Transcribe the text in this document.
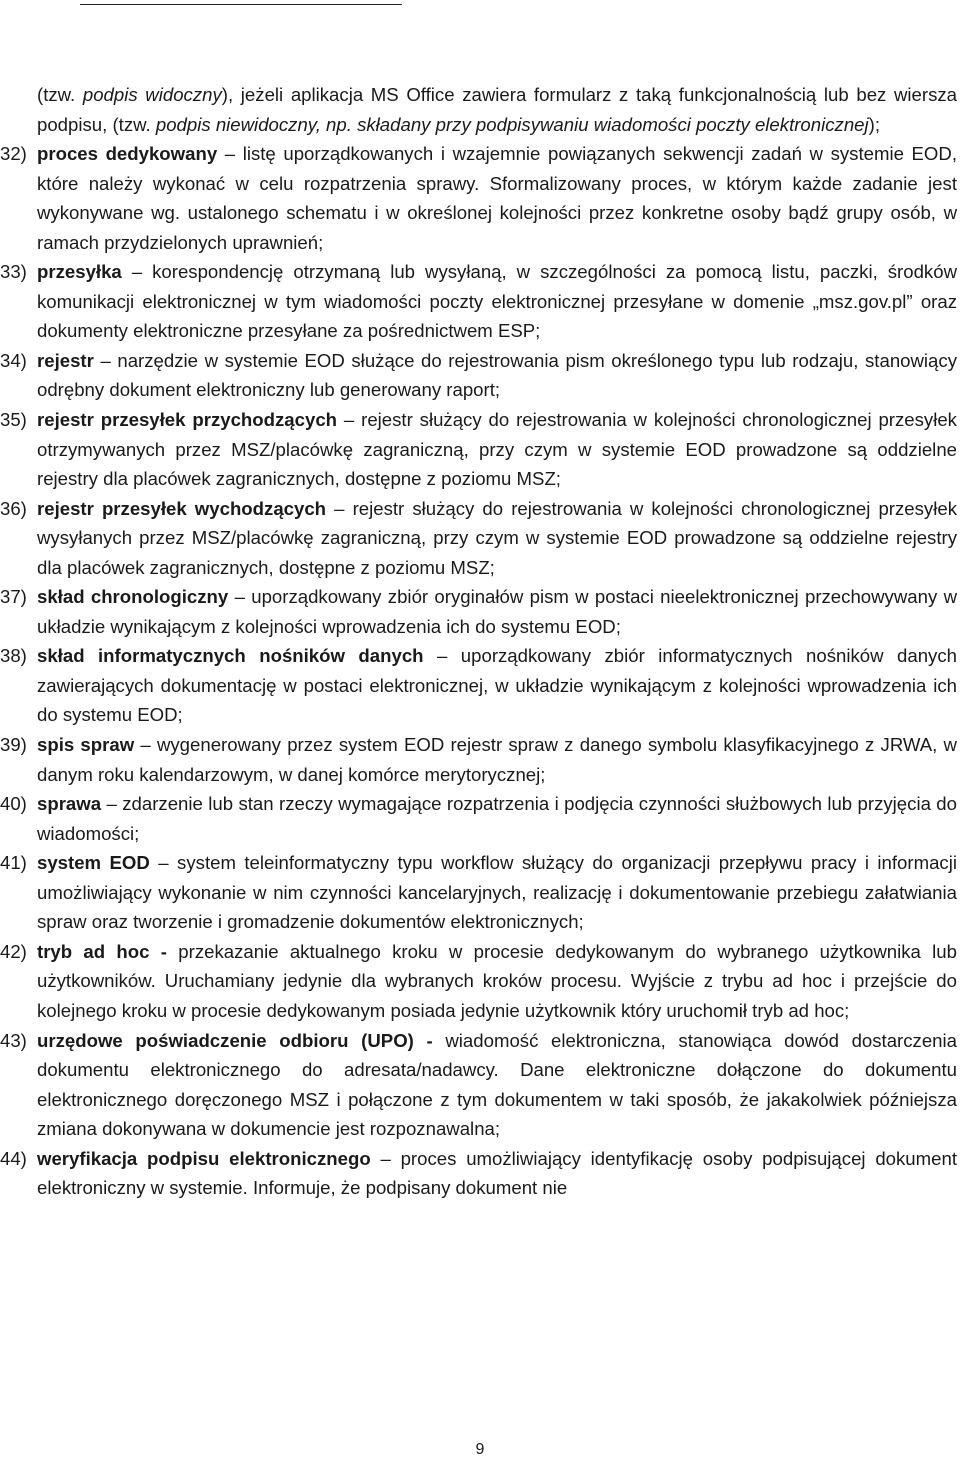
(tzw. podpis widoczny), jeżeli aplikacja MS Office zawiera formularz z taką funkcjonalnością lub bez wiersza podpisu, (tzw. podpis niewidoczny, np. składany przy podpisywaniu wiadomości poczty elektronicznej);

32) proces dedykowany – listę uporządkowanych i wzajemnie powiązanych sekwencji zadań w systemie EOD, które należy wykonać w celu rozpatrzenia sprawy. Sformalizowany proces, w którym każde zadanie jest wykonywane wg. ustalonego schematu i w określonej kolejności przez konkretne osoby bądź grupy osób, w ramach przydzielonych uprawnień;
33) przesyłka – korespondencję otrzymaną lub wysyłaną, w szczególności za pomocą listu, paczki, środków komunikacji elektronicznej w tym wiadomości poczty elektronicznej przesyłane w domenie „msz.gov.pl” oraz dokumenty elektroniczne przesyłane za pośrednictwem ESP;
34) rejestr – narzędzie w systemie EOD służące do rejestrowania pism określonego typu lub rodzaju, stanowiący odrębny dokument elektroniczny lub generowany raport;
35) rejestr przesyłek przychodzących – rejestr służący do rejestrowania w kolejności chronologicznej przesyłek otrzymywanych przez MSZ/placówkę zagraniczną, przy czym w systemie EOD prowadzone są oddzielne rejestry dla placówek zagranicznych, dostępne z poziomu MSZ;
36) rejestr przesyłek wychodzących – rejestr służący do rejestrowania w kolejności chronologicznej przesyłek wysyłanych przez MSZ/placówkę zagraniczną, przy czym w systemie EOD prowadzone są oddzielne rejestry dla placówek zagranicznych, dostępne z poziomu MSZ;
37) skład chronologiczny – uporządkowany zbiór oryginałów pism w postaci nieelektronicznej przechowywany w układzie wynikającym z kolejności wprowadzenia ich do systemu EOD;
38) skład informatycznych nośników danych – uporządkowany zbiór informatycznych nośników danych zawierających dokumentację w postaci elektronicznej, w układzie wynikającym z kolejności wprowadzenia ich do systemu EOD;
39) spis spraw – wygenerowany przez system EOD rejestr spraw z danego symbolu klasyfikacyjnego z JRWA, w danym roku kalendarzowym, w danej komórce merytorycznej;
40) sprawa – zdarzenie lub stan rzeczy wymagające rozpatrzenia i podjęcia czynności służbowych lub przyjęcia do wiadomości;
41) system EOD – system teleinformatyczny typu workflow służący do organizacji przepływu pracy i informacji umożliwiający wykonanie w nim czynności kancelaryjnych, realizację i dokumentowanie przebiegu załatwiania spraw oraz tworzenie i gromadzenie dokumentów elektronicznych;
42) tryb ad hoc - przekazanie aktualnego kroku w procesie dedykowanym do wybranego użytkownika lub użytkowników. Uruchamiany jedynie dla wybranych kroków procesu. Wyjście z trybu ad hoc i przejście do kolejnego kroku w procesie dedykowanym posiada jedynie użytkownik który uruchomił tryb ad hoc;
43) urzędowe poświadczenie odbioru (UPO) - wiadomość elektroniczna, stanowiąca dowód dostarczenia dokumentu elektronicznego do adresata/nadawcy. Dane elektroniczne dołączone do dokumentu elektronicznego doręczonego MSZ i połączone z tym dokumentem w taki sposób, że jakakolwiek późniejsza zmiana dokonywana w dokumencie jest rozpoznawalna;
44) weryfikacja podpisu elektronicznego – proces umożliwiający identyfikację osoby podpisującej dokument elektroniczny w systemie. Informuje, że podpisany dokument nie
9
